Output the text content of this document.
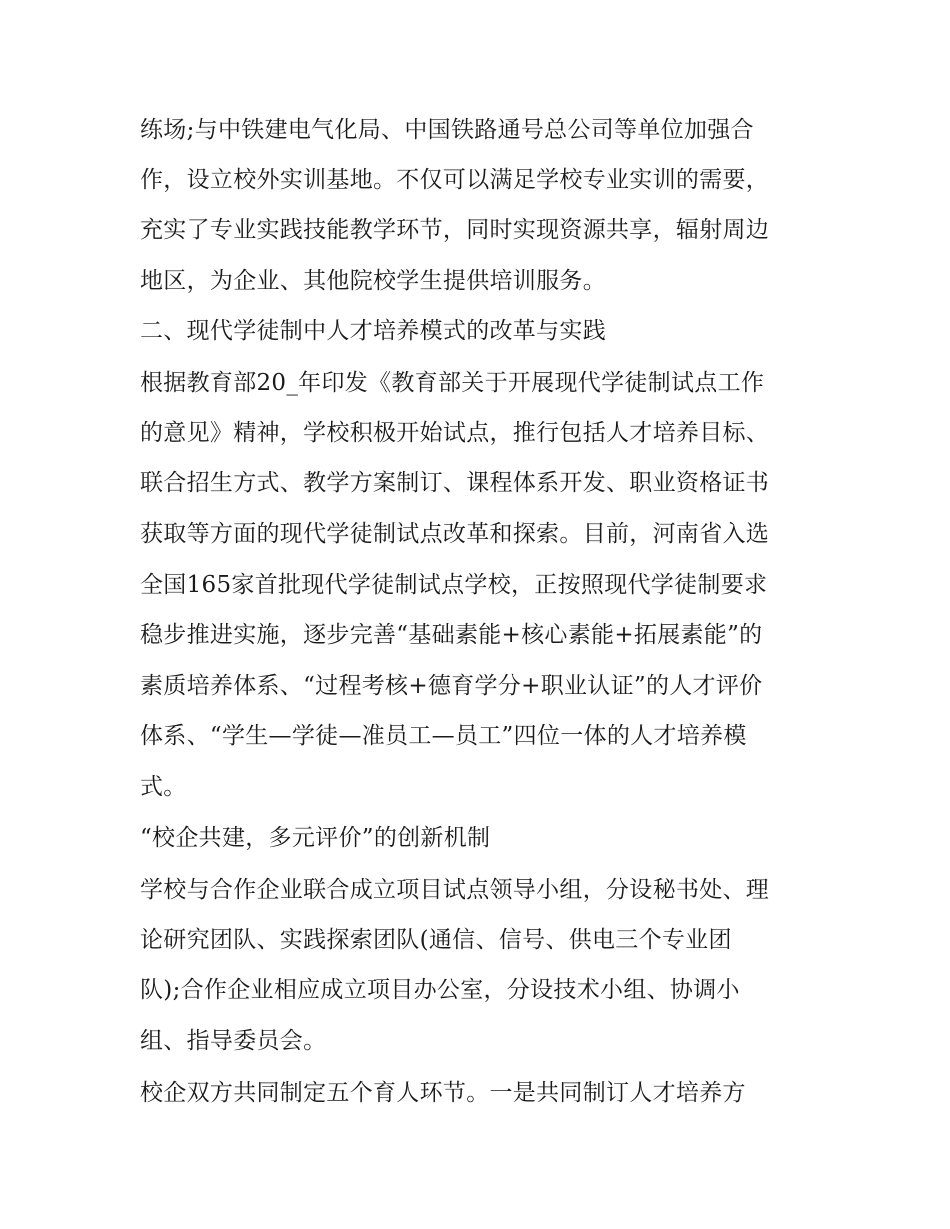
练场;与中铁建电气化局、中国铁路通号总公司等单位加强合
作，设立校外实训基地。不仅可以满足学校专业实训的需要，
充实了专业实践技能教学环节，同时实现资源共享，辐射周边
地区，为企业、其他院校学生提供培训服务。
二、现代学徒制中人才培养模式的改革与实践
根据教育部20_年印发《教育部关于开展现代学徒制试点工作
的意见》精神，学校积极开始试点，推行包括人才培养目标、
联合招生方式、教学方案制订、课程体系开发、职业资格证书
获取等方面的现代学徒制试点改革和探索。目前，河南省入选
全国165家首批现代学徒制试点学校，正按照现代学徒制要求
稳步推进实施，逐步完善“基础素能+核心素能+拓展素能”的
素质培养体系、“过程考核+德育学分+职业认证”的人才评价
体系、“学生—学徒—准员工—员工”四位一体的人才培养模
式。
“校企共建，多元评价”的创新机制
学校与合作企业联合成立项目试点领导小组，分设秘书处、理
论研究团队、实践探索团队(通信、信号、供电三个专业团
队);合作企业相应成立项目办公室，分设技术小组、协调小
组、指导委员会。
校企双方共同制定五个育人环节。一是共同制订人才培养方
